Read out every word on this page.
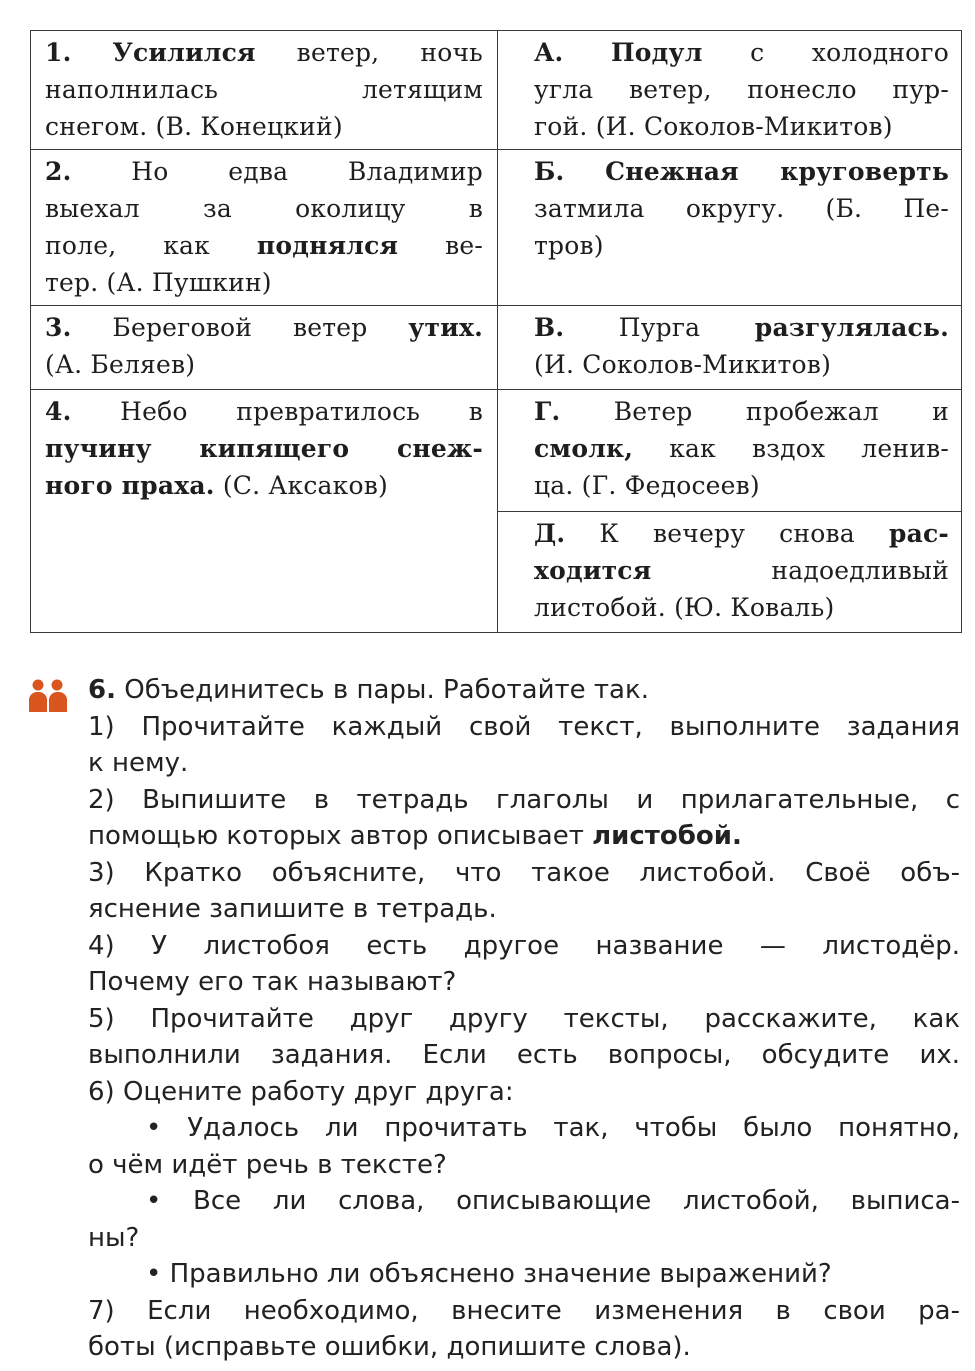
1. Усилился ветер, ночь
наполнилась летящим
снегом. (В. Конецкий)
2. Но едва Владимир
выехал за околицу в
поле, как поднялся ве-
тер. (А. Пушкин)
3. Береговой ветер утих.
(А. Беляев)
4. Небо превратилось в
пучину кипящего снеж-
ного праха. (С. Аксаков)
А. Подул с холодного
угла ветер, понесло пур-
гой. (И. Соколов-Микитов)
Б. Снежная круговерть
затмила округу. (Б. Пе-
тров)
В. Пурга разгулялась.
(И. Соколов-Микитов)
Г. Ветер пробежал и
смолк, как вздох ленив-
ца. (Г. Федосеев)
Д. К вечеру снова рас-
ходится	надоедливый
листобой. (Ю. Коваль)
6. Объединитесь в пары. Работайте так.
1) Прочитайте каждый свой текст, выполните задания
к нему.
2) Выпишите в тетрадь глаголы и прилагательные, с
помощью которых автор описывает листобой.
3) Кратко объясните, что такое листобой. Своё объ-
яснение запишите в тетрадь.
4) У листобоя есть другое название — листодёр.
Почему его так называют?
5) Прочитайте друг другу тексты, расскажите, как
выполнили задания. Если есть вопросы, обсудите их.
6) Оцените работу друг друга:
• Удалось ли прочитать так, чтобы было понятно,
о чём идёт речь в тексте?
• Все ли слова, описывающие листобой, выписа-
ны?
• Правильно ли объяснено значение выражений?
7) Если необходимо, внесите изменения в свои ра-
боты (исправьте ошибки, допишите слова).
